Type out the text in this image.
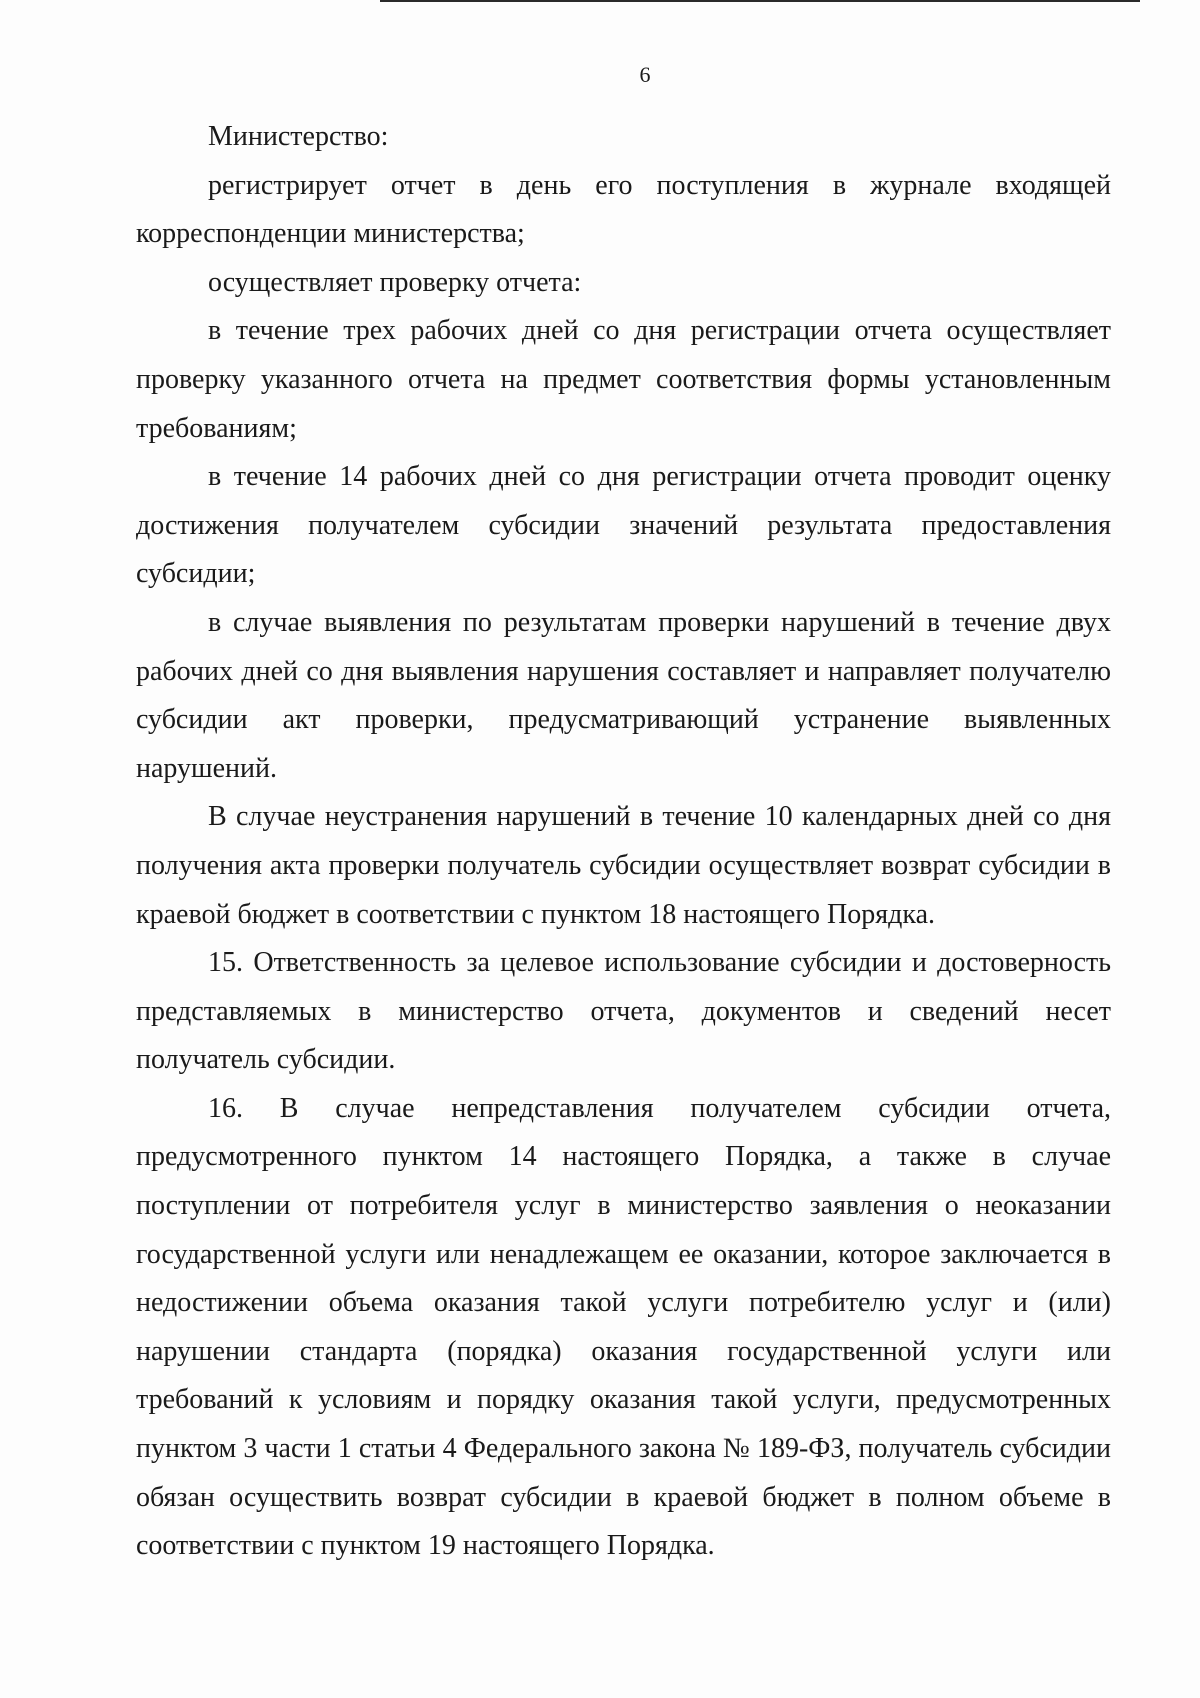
6

Министерство:

регистрирует отчет в день его поступления в журнале входящей корреспонденции министерства;

осуществляет проверку отчета:

в течение трех рабочих дней со дня регистрации отчета осуществляет проверку указанного отчета на предмет соответствия формы установленным требованиям;

в течение 14 рабочих дней со дня регистрации отчета проводит оценку достижения получателем субсидии значений результата предоставления субсидии;

в случае выявления по результатам проверки нарушений в течение двух рабочих дней со дня выявления нарушения составляет и направляет получателю субсидии акт проверки, предусматривающий устранение выявленных нарушений.

В случае неустранения нарушений в течение 10 календарных дней со дня получения акта проверки получатель субсидии осуществляет возврат субсидии в краевой бюджет в соответствии с пунктом 18 настоящего Порядка.

15. Ответственность за целевое использование субсидии и достоверность представляемых в министерство отчета, документов и сведений несет получатель субсидии.

16. В случае непредставления получателем субсидии отчета, предусмотренного пунктом 14 настоящего Порядка, а также в случае поступлении от потребителя услуг в министерство заявления о неоказании государственной услуги или ненадлежащем ее оказании, которое заключается в недостижении объема оказания такой услуги потребителю услуг и (или) нарушении стандарта (порядка) оказания государственной услуги или требований к условиям и порядку оказания такой услуги, предусмотренных пунктом 3 части 1 статьи 4 Федерального закона № 189-ФЗ, получатель субсидии обязан осуществить возврат субсидии в краевой бюджет в полном объеме в соответствии с пунктом 19 настоящего Порядка.
